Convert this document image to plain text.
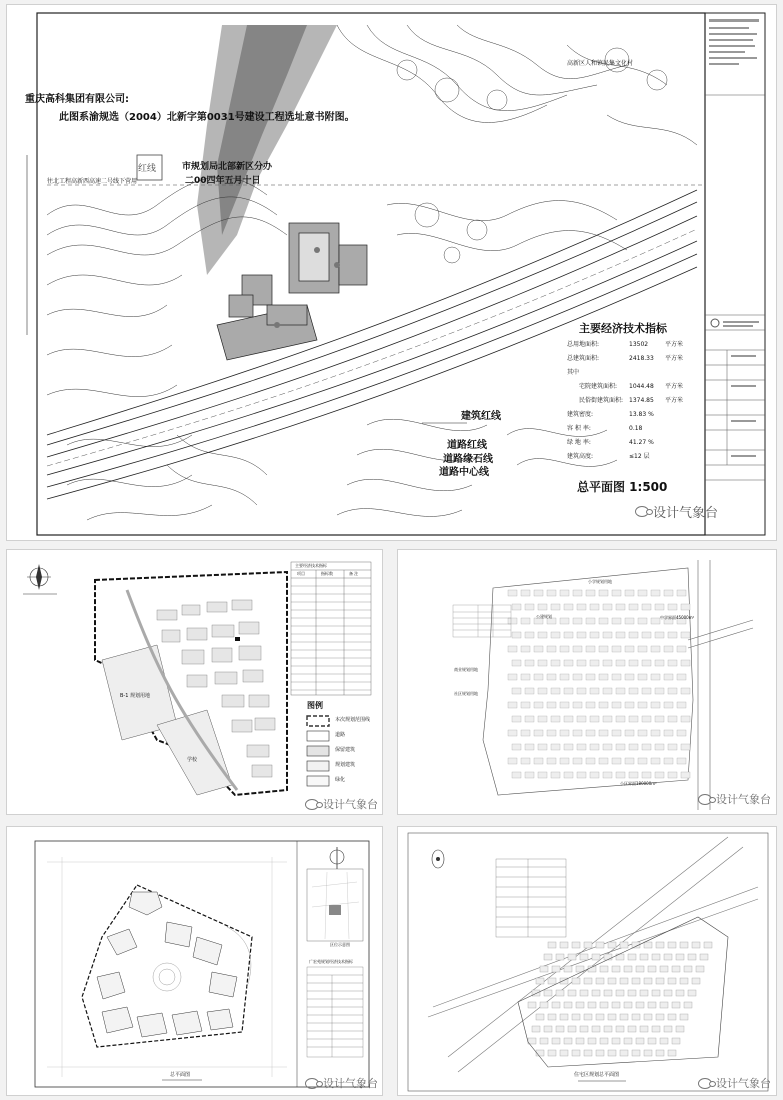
重庆高科集团有限公司:
此图系渝规选（2004）北新字第0031号建设工程选址意书附图。
市规划局北部新区分办
二00四年五月十日
红线
高新区人和镇民集文化村
往北工程高新西高速二号线下营用
主要经济技术指标
总用地面积:	13502	平方米
总建筑面积:	2418.33	平方米
其中
宅院建筑面积:	1044.48	平方米
民俗街建筑面积: 1374.85	平方米
建筑密度:	13.83 %
容 积 率:	0.18
绿 地 率:	41.27 %
建筑高度:	≤12 层
建筑红线
道路红线
道路缘石线
道路中心线
总平面图 1:500
设计气象台
主要经济技术指标
项目	指标数	备 注
B-1 规划用地
学校
图例
本次规划范围线
道路
保留建筑
规划建筑
绿化
设计气象台
小学规划用地
公建规划
商业规划用地
中学界面45000m²
社区规划用地
小区界面180000m²
设计气象台
区位示意图
广宏苑规划经济技术指标
总平面图
设计气象台
住宅区规划总平面图
设计气象台
